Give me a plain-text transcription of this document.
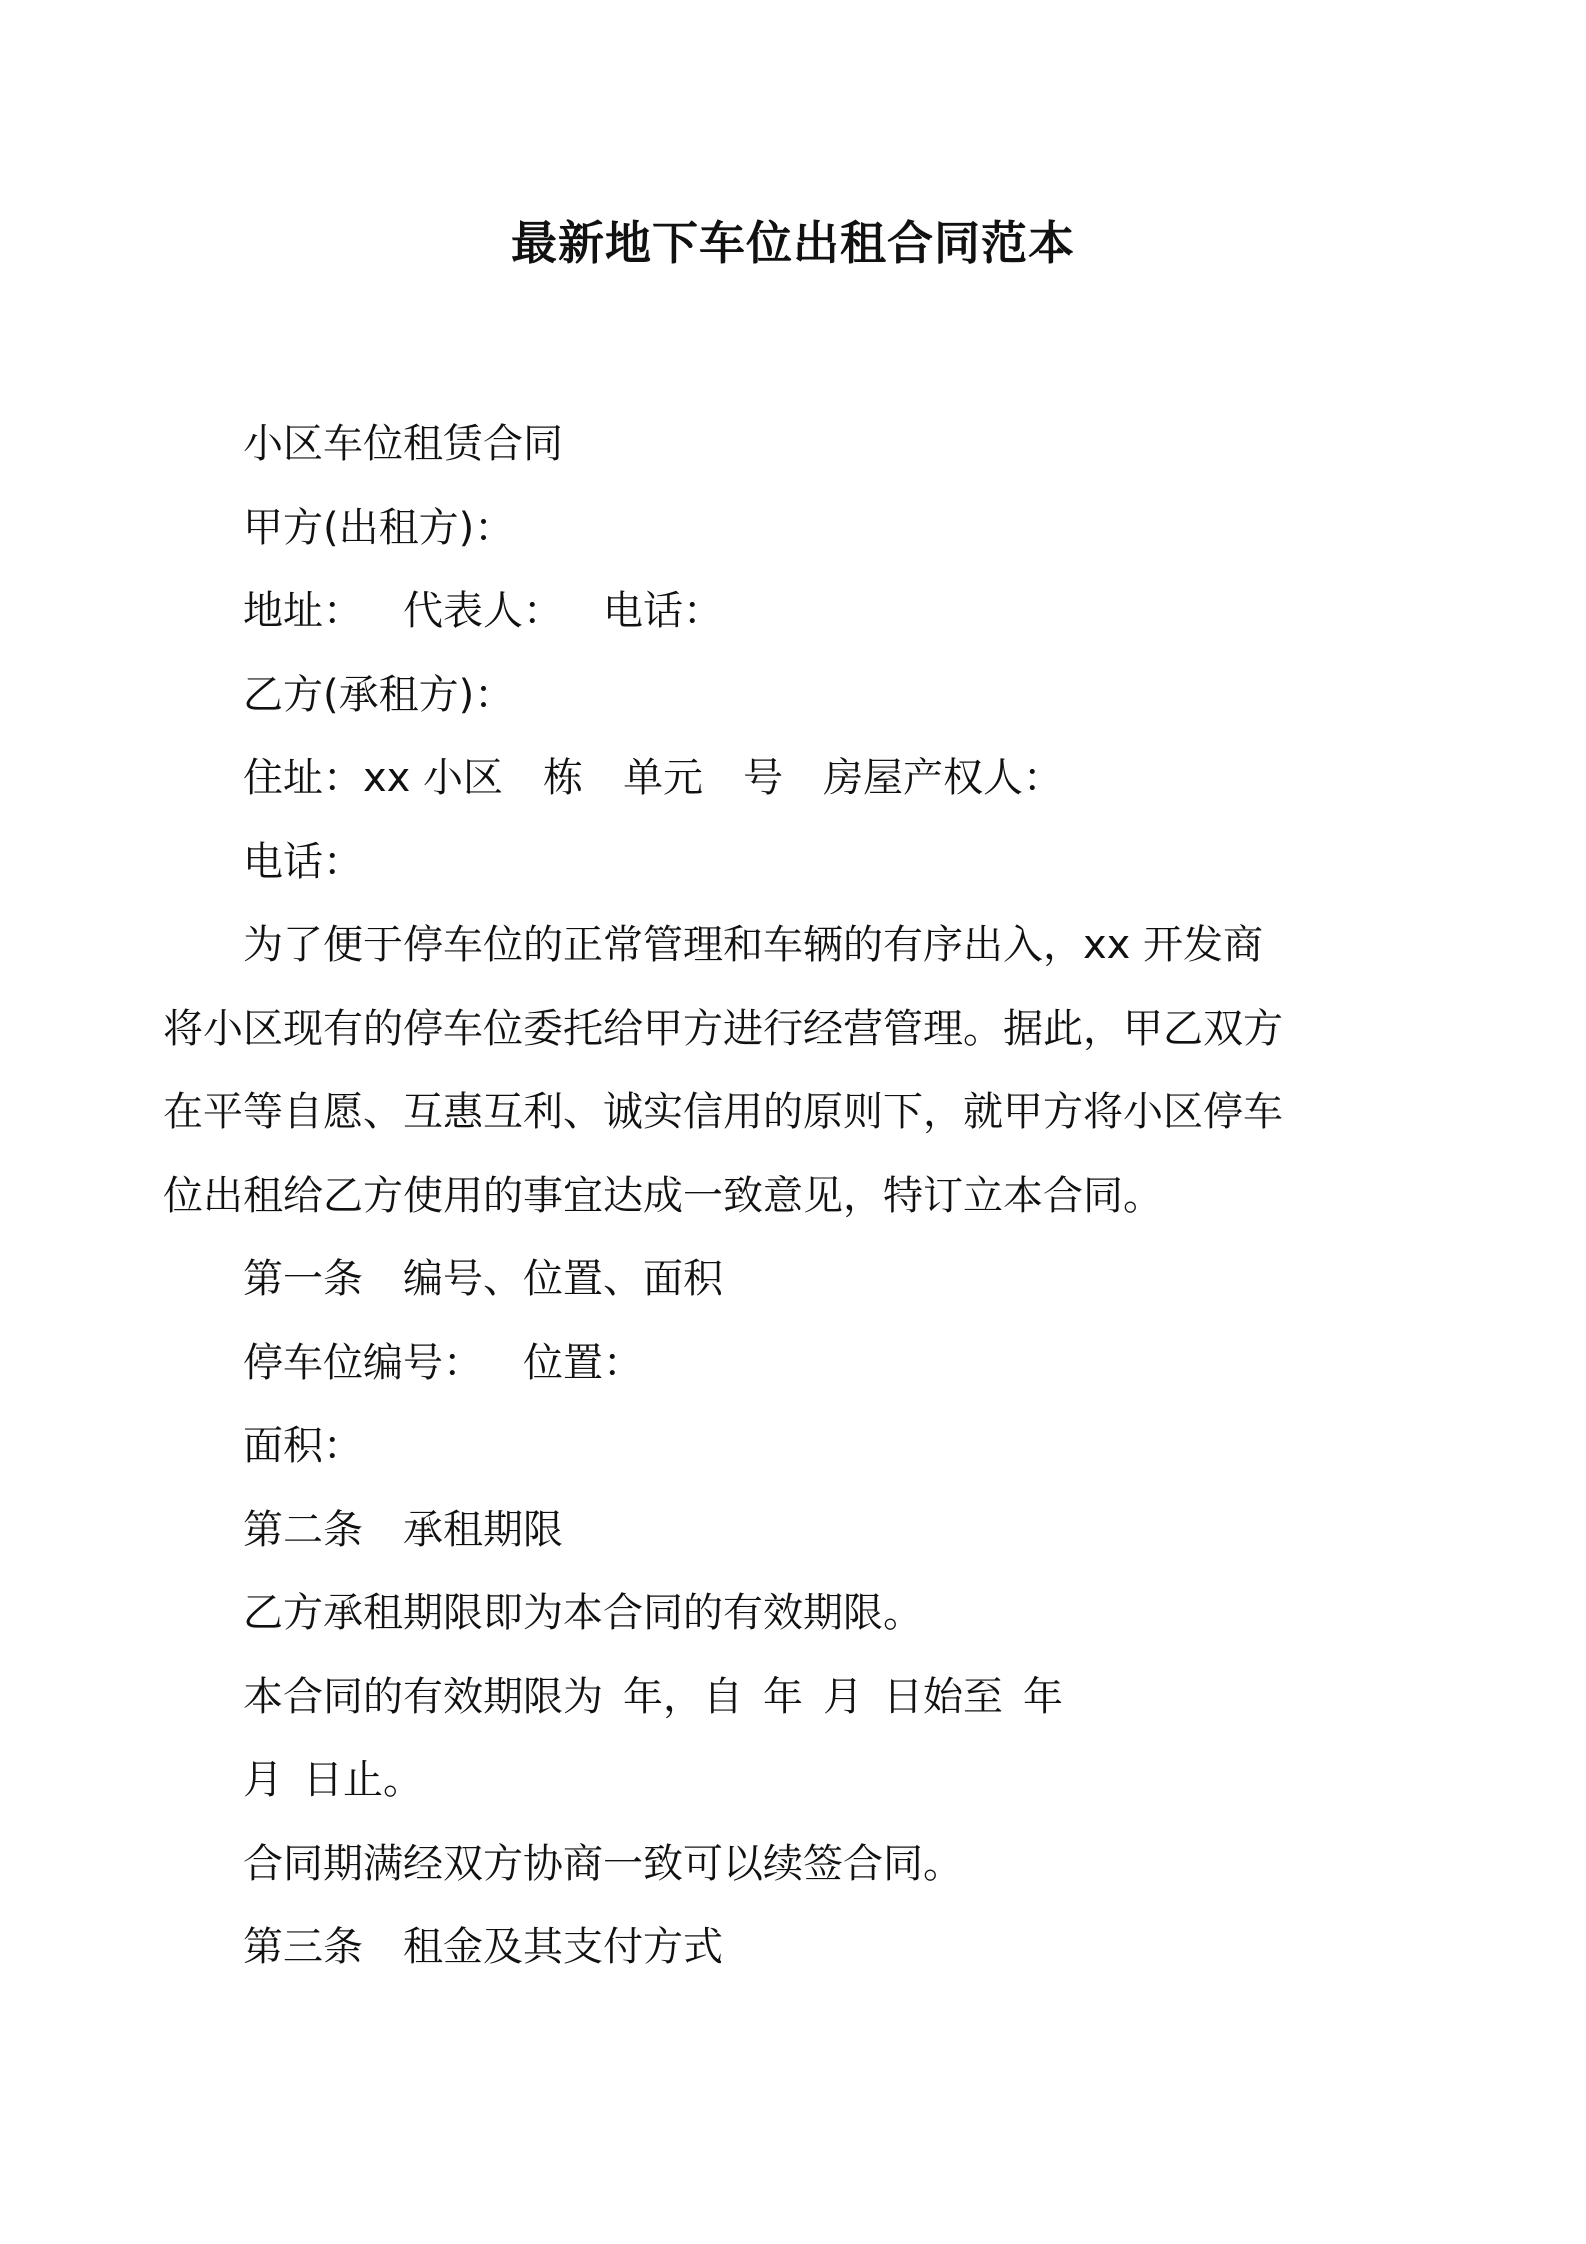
最新地下车位出租合同范本
小区车位租赁合同
甲方(出租方)：
地址： 代表人： 电话：
乙方(承租方)：
住址：xx 小区 栋 单元 号 房屋产权人：
电话：
为了便于停车位的正常管理和车辆的有序出入，xx 开发商
将小区现有的停车位委托给甲方进行经营管理。据此，甲乙双方
在平等自愿、互惠互利、诚实信用的原则下，就甲方将小区停车
位出租给乙方使用的事宜达成一致意见，特订立本合同。
第一条 编号、位置、面积
停车位编号： 位置：
面积：
第二条 承租期限
乙方承租期限即为本合同的有效期限。
本合同的有效期限为 年，自 年 月 日始至 年
月 日止。
合同期满经双方协商一致可以续签合同。
第三条 租金及其支付方式
